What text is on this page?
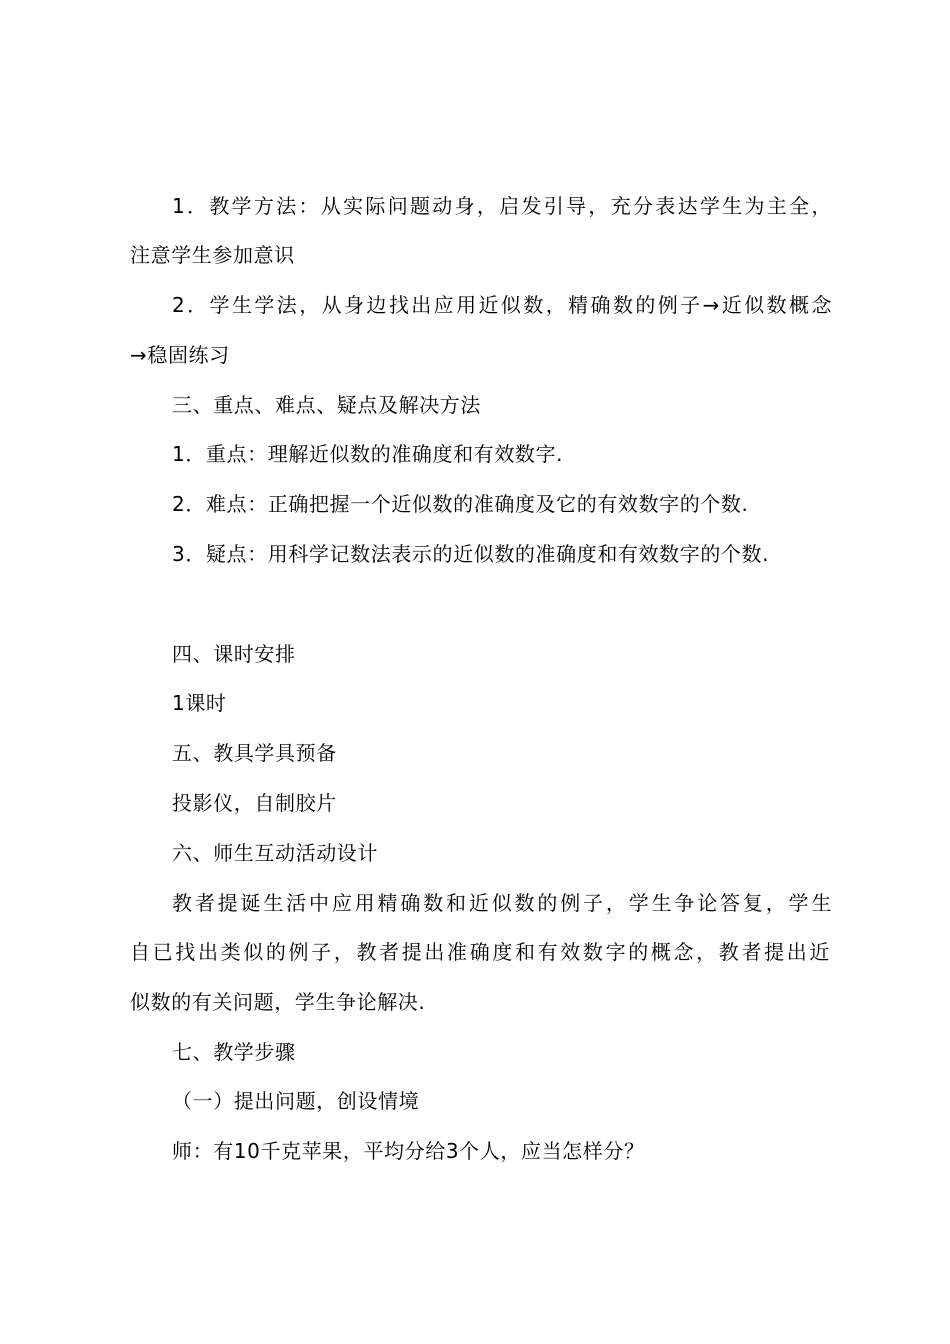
1．教学方法：从实际问题动身，启发引导，充分表达学生为主全，
注意学生参加意识
2．学生学法，从身边找出应用近似数，精确数的例子→近似数概念
→稳固练习
三、重点、难点、疑点及解决方法
1．重点：理解近似数的准确度和有效数字.
2．难点：正确把握一个近似数的准确度及它的有效数字的个数.
3．疑点：用科学记数法表示的近似数的准确度和有效数字的个数.
四、课时安排
1课时
五、教具学具预备
投影仪，自制胶片
六、师生互动活动设计
教者提诞生活中应用精确数和近似数的例子，学生争论答复，学生
自已找出类似的例子，教者提出准确度和有效数字的概念，教者提出近
似数的有关问题，学生争论解决.
七、教学步骤
（一）提出问题，创设情境
师：有10千克苹果，平均分给3个人，应当怎样分？
